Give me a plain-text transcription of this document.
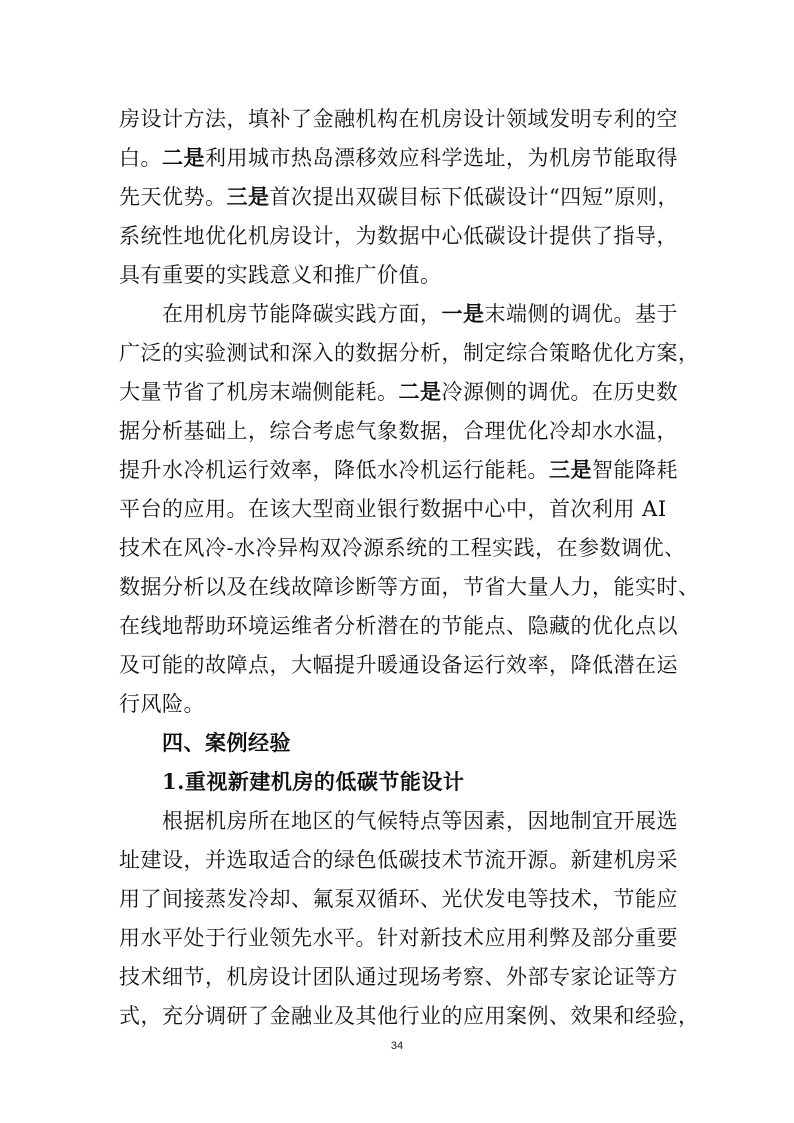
房设计方法，填补了金融机构在机房设计领域发明专利的空
白。二是利用城市热岛漂移效应科学选址，为机房节能取得
先天优势。三是首次提出双碳目标下低碳设计“四短”原则，
系统性地优化机房设计，为数据中心低碳设计提供了指导，
具有重要的实践意义和推广价值。
在用机房节能降碳实践方面，一是末端侧的调优。基于
广泛的实验测试和深入的数据分析，制定综合策略优化方案，
大量节省了机房末端侧能耗。二是冷源侧的调优。在历史数
据分析基础上，综合考虑气象数据，合理优化冷却水水温，
提升水冷机运行效率，降低水冷机运行能耗。三是智能降耗
平台的应用。在该大型商业银行数据中心中，首次利用 AI
技术在风冷-水冷异构双冷源系统的工程实践，在参数调优、
数据分析以及在线故障诊断等方面，节省大量人力，能实时、
在线地帮助环境运维者分析潜在的节能点、隐藏的优化点以
及可能的故障点，大幅提升暖通设备运行效率，降低潜在运
行风险。
四、案例经验
1.重视新建机房的低碳节能设计
根据机房所在地区的气候特点等因素，因地制宜开展选
址建设，并选取适合的绿色低碳技术节流开源。新建机房采
用了间接蒸发冷却、氟泵双循环、光伏发电等技术，节能应
用水平处于行业领先水平。针对新技术应用利弊及部分重要
技术细节，机房设计团队通过现场考察、外部专家论证等方
式，充分调研了金融业及其他行业的应用案例、效果和经验，
34
